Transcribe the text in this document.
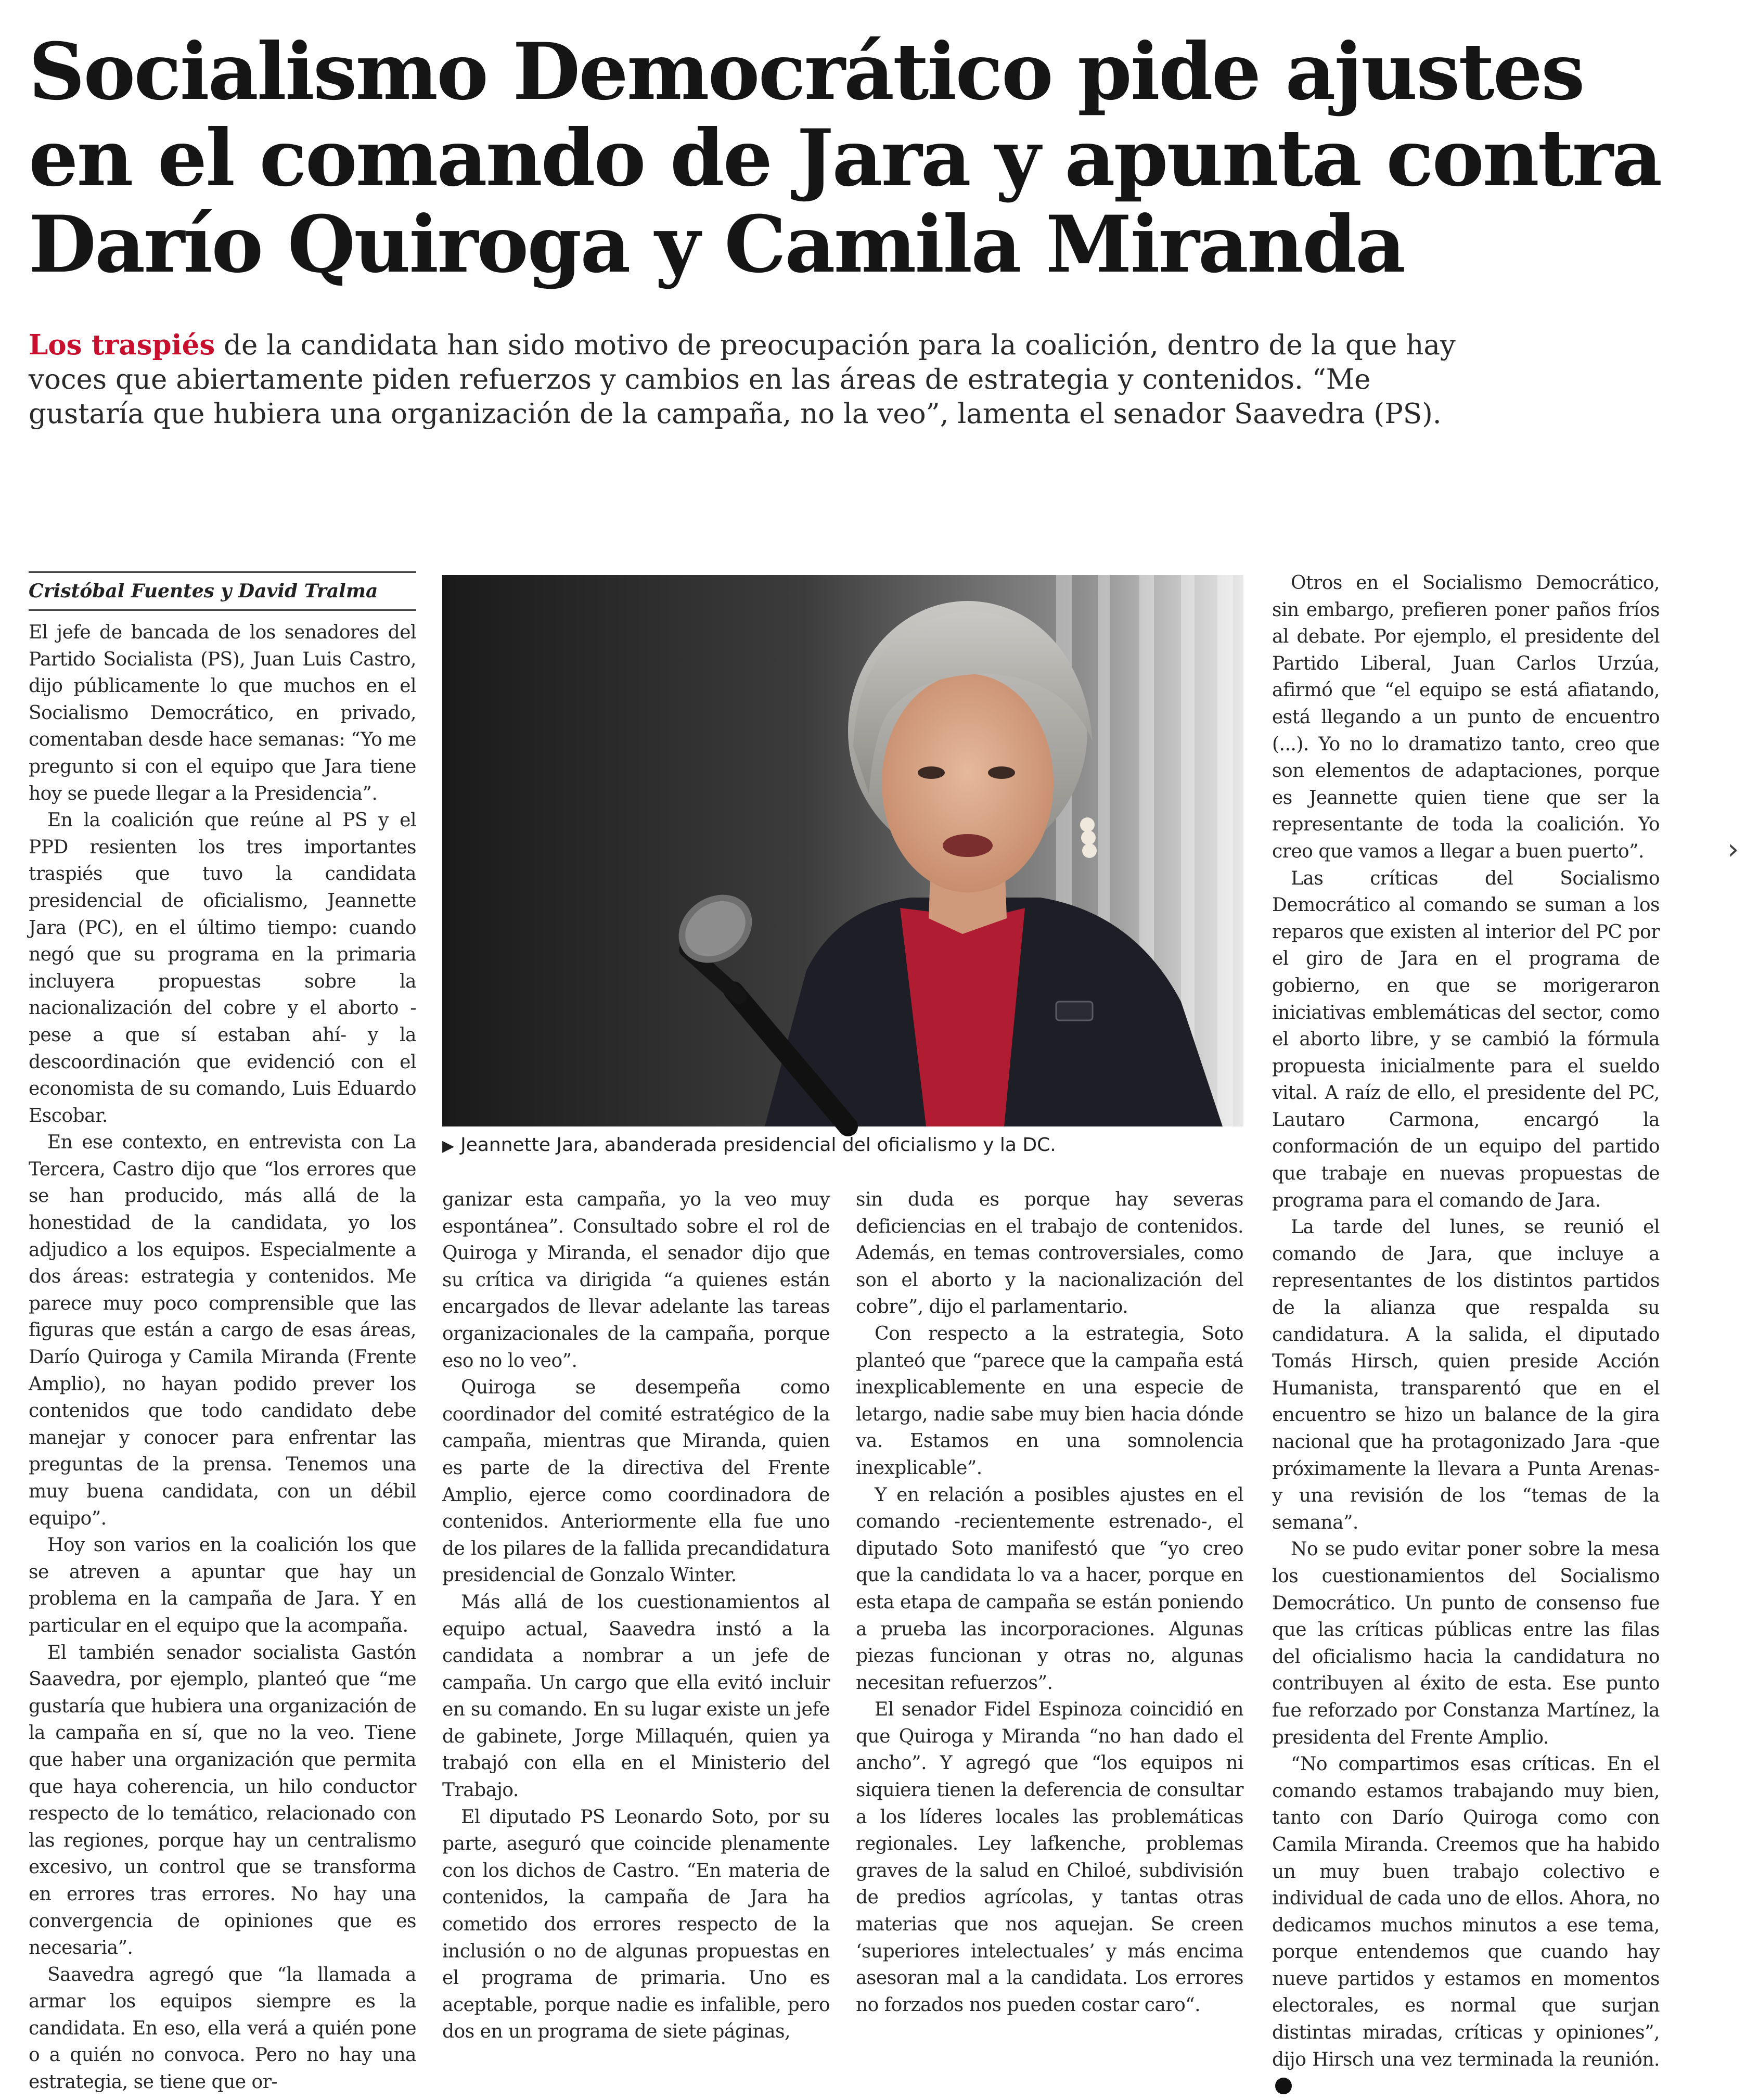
Socialismo Democrático pide ajustes en el comando de Jara y apunta contra Darío Quiroga y Camila Miranda

Los traspiés de la candidata han sido motivo de preocupación para la coalición, dentro de la que hay voces que abiertamente piden refuerzos y cambios en las áreas de estrategia y contenidos. “Me gustaría que hubiera una organización de la campaña, no la veo”, lamenta el senador Saavedra (PS).

Cristóbal Fuentes y David Tralma

El jefe de bancada de los senadores del Partido Socialista (PS), Juan Luis Castro, dijo públicamente lo que muchos en el Socialismo Democrático, en privado, comentaban desde hace semanas: “Yo me pregunto si con el equipo que Jara tiene hoy se puede llegar a la Presidencia”.

En la coalición que reúne al PS y el PPD resienten los tres importantes traspiés que tuvo la candidata presidencial de oficialismo, Jeannette Jara (PC), en el último tiempo: cuando negó que su programa en la primaria incluyera propuestas sobre la nacionalización del cobre y el aborto -pese a que sí estaban ahí- y la descoordinación que evidenció con el economista de su comando, Luis Eduardo Escobar.

En ese contexto, en entrevista con La Tercera, Castro dijo que “los errores que se han producido, más allá de la honestidad de la candidata, yo los adjudico a los equipos. Especialmente a dos áreas: estrategia y contenidos. Me parece muy poco comprensible que las figuras que están a cargo de esas áreas, Darío Quiroga y Camila Miranda (Frente Amplio), no hayan podido prever los contenidos que todo candidato debe manejar y conocer para enfrentar las preguntas de la prensa. Tenemos una muy buena candidata, con un débil equipo”.

Hoy son varios en la coalición los que se atreven a apuntar que hay un problema en la campaña de Jara. Y en particular en el equipo que la acompaña.

El también senador socialista Gastón Saavedra, por ejemplo, planteó que “me gustaría que hubiera una organización de la campaña en sí, que no la veo. Tiene que haber una organización que permita que haya coherencia, un hilo conductor respecto de lo temático, relacionado con las regiones, porque hay un centralismo excesivo, un control que se transforma en errores tras errores. No hay una convergencia de opiniones que es necesaria”.

Saavedra agregó que “la llamada a armar los equipos siempre es la candidata. En eso, ella verá a quién pone o a quién no convoca. Pero no hay una estrategia, se tiene que or-

▶ Jeannette Jara, abanderada presidencial del oficialismo y la DC.

ganizar esta campaña, yo la veo muy espontánea”. Consultado sobre el rol de Quiroga y Miranda, el senador dijo que su crítica va dirigida “a quienes están encargados de llevar adelante las tareas organizacionales de la campaña, porque eso no lo veo”.

Quiroga se desempeña como coordinador del comité estratégico de la campaña, mientras que Miranda, quien es parte de la directiva del Frente Amplio, ejerce como coordinadora de contenidos. Anteriormente ella fue uno de los pilares de la fallida precandidatura presidencial de Gonzalo Winter.

Más allá de los cuestionamientos al equipo actual, Saavedra instó a la candidata a nombrar a un jefe de campaña. Un cargo que ella evitó incluir en su comando. En su lugar existe un jefe de gabinete, Jorge Millaquén, quien ya trabajó con ella en el Ministerio del Trabajo.

El diputado PS Leonardo Soto, por su parte, aseguró que coincide plenamente con los dichos de Castro. “En materia de contenidos, la campaña de Jara ha cometido dos errores respecto de la inclusión o no de algunas propuestas en el programa de primaria. Uno es aceptable, porque nadie es infalible, pero dos en un programa de siete páginas,

sin duda es porque hay severas deficiencias en el trabajo de contenidos. Además, en temas controversiales, como son el aborto y la nacionalización del cobre”, dijo el parlamentario.

Con respecto a la estrategia, Soto planteó que “parece que la campaña está inexplicablemente en una especie de letargo, nadie sabe muy bien hacia dónde va. Estamos en una somnolencia inexplicable”.

Y en relación a posibles ajustes en el comando -recientemente estrenado-, el diputado Soto manifestó que “yo creo que la candidata lo va a hacer, porque en esta etapa de campaña se están poniendo a prueba las incorporaciones. Algunas piezas funcionan y otras no, algunas necesitan refuerzos”.

El senador Fidel Espinoza coincidió en que Quiroga y Miranda “no han dado el ancho”. Y agregó que “los equipos ni siquiera tienen la deferencia de consultar a los líderes locales las problemáticas regionales. Ley lafkenche, problemas graves de la salud en Chiloé, subdivisión de predios agrícolas, y tantas otras materias que nos aquejan. Se creen ‘superiores intelectuales’ y más encima asesoran mal a la candidata. Los errores no forzados nos pueden costar caro“.

Otros en el Socialismo Democrático, sin embargo, prefieren poner paños fríos al debate. Por ejemplo, el presidente del Partido Liberal, Juan Carlos Urzúa, afirmó que “el equipo se está afiatando, está llegando a un punto de encuentro (...). Yo no lo dramatizo tanto, creo que son elementos de adaptaciones, porque es Jeannette quien tiene que ser la representante de toda la coalición. Yo creo que vamos a llegar a buen puerto”.

Las críticas del Socialismo Democrático al comando se suman a los reparos que existen al interior del PC por el giro de Jara en el programa de gobierno, en que se morigeraron iniciativas emblemáticas del sector, como el aborto libre, y se cambió la fórmula propuesta inicialmente para el sueldo vital. A raíz de ello, el presidente del PC, Lautaro Carmona, encargó la conformación de un equipo del partido que trabaje en nuevas propuestas de programa para el comando de Jara.

La tarde del lunes, se reunió el comando de Jara, que incluye a representantes de los distintos partidos de la alianza que respalda su candidatura. A la salida, el diputado Tomás Hirsch, quien preside Acción Humanista, transparentó que en el encuentro se hizo un balance de la gira nacional que ha protagonizado Jara -que próximamente la llevara a Punta Arenas- y una revisión de los “temas de la semana”.

No se pudo evitar poner sobre la mesa los cuestionamientos del Socialismo Democrático. Un punto de consenso fue que las críticas públicas entre las filas del oficialismo hacia la candidatura no contribuyen al éxito de esta. Ese punto fue reforzado por Constanza Martínez, la presidenta del Frente Amplio.

“No compartimos esas críticas. En el comando estamos trabajando muy bien, tanto con Darío Quiroga como con Camila Miranda. Creemos que ha habido un muy buen trabajo colectivo e individual de cada uno de ellos. Ahora, no dedicamos muchos minutos a ese tema, porque entendemos que cuando hay nueve partidos y estamos en momentos electorales, es normal que surjan distintas miradas, críticas y opiniones”, dijo Hirsch una vez terminada la reunión.

›
